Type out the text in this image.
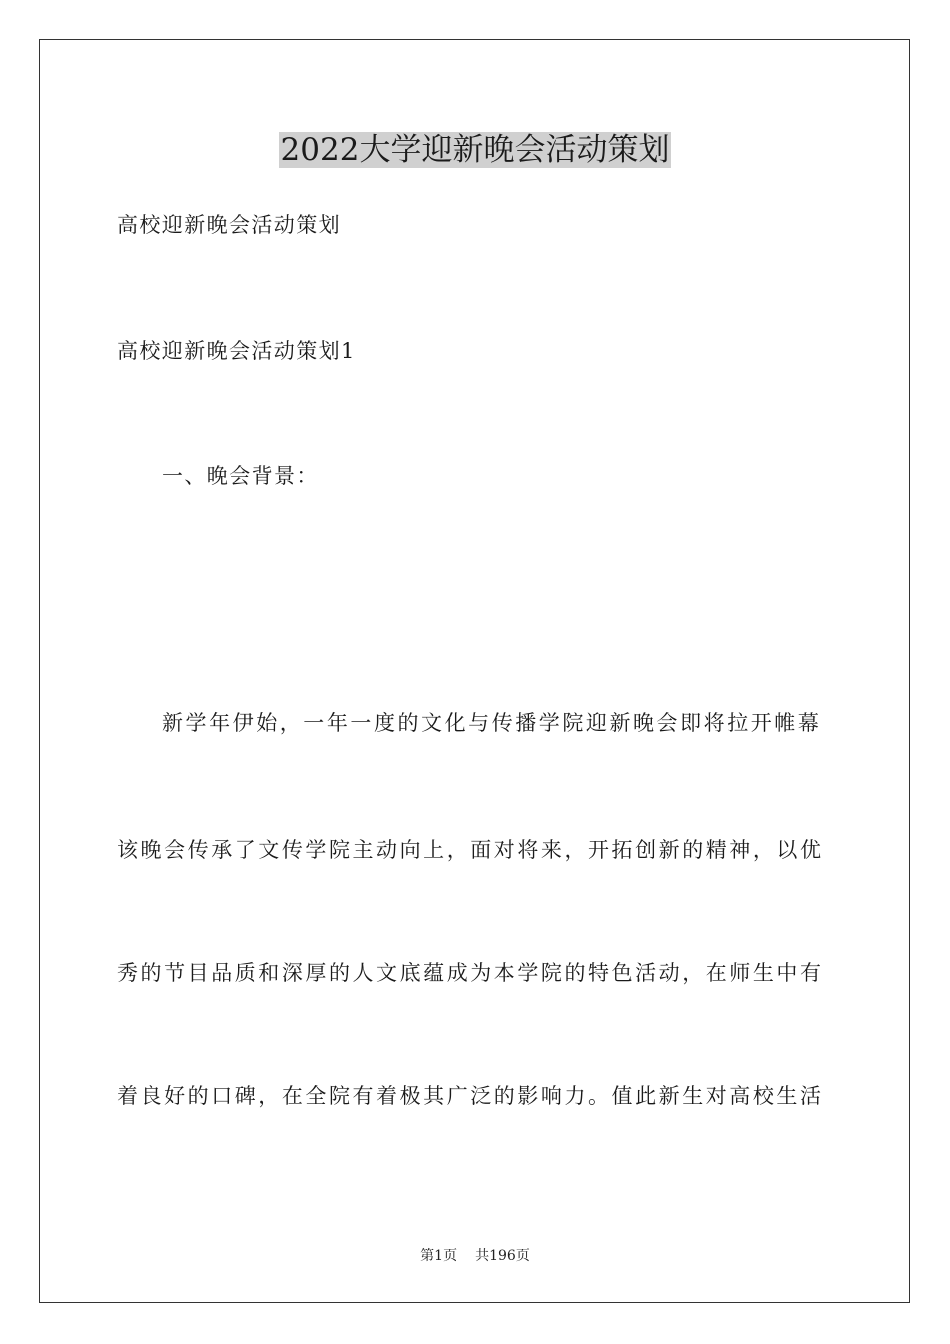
2022大学迎新晚会活动策划
高校迎新晚会活动策划
高校迎新晚会活动策划1
一、晚会背景：
新学年伊始，一年一度的文化与传播学院迎新晚会即将拉开帷幕
该晚会传承了文传学院主动向上，面对将来，开拓创新的精神，以优
秀的节目品质和深厚的人文底蕴成为本学院的特色活动，在师生中有
着良好的口碑，在全院有着极其广泛的影响力。值此新生对高校生活
第1页 共196页
